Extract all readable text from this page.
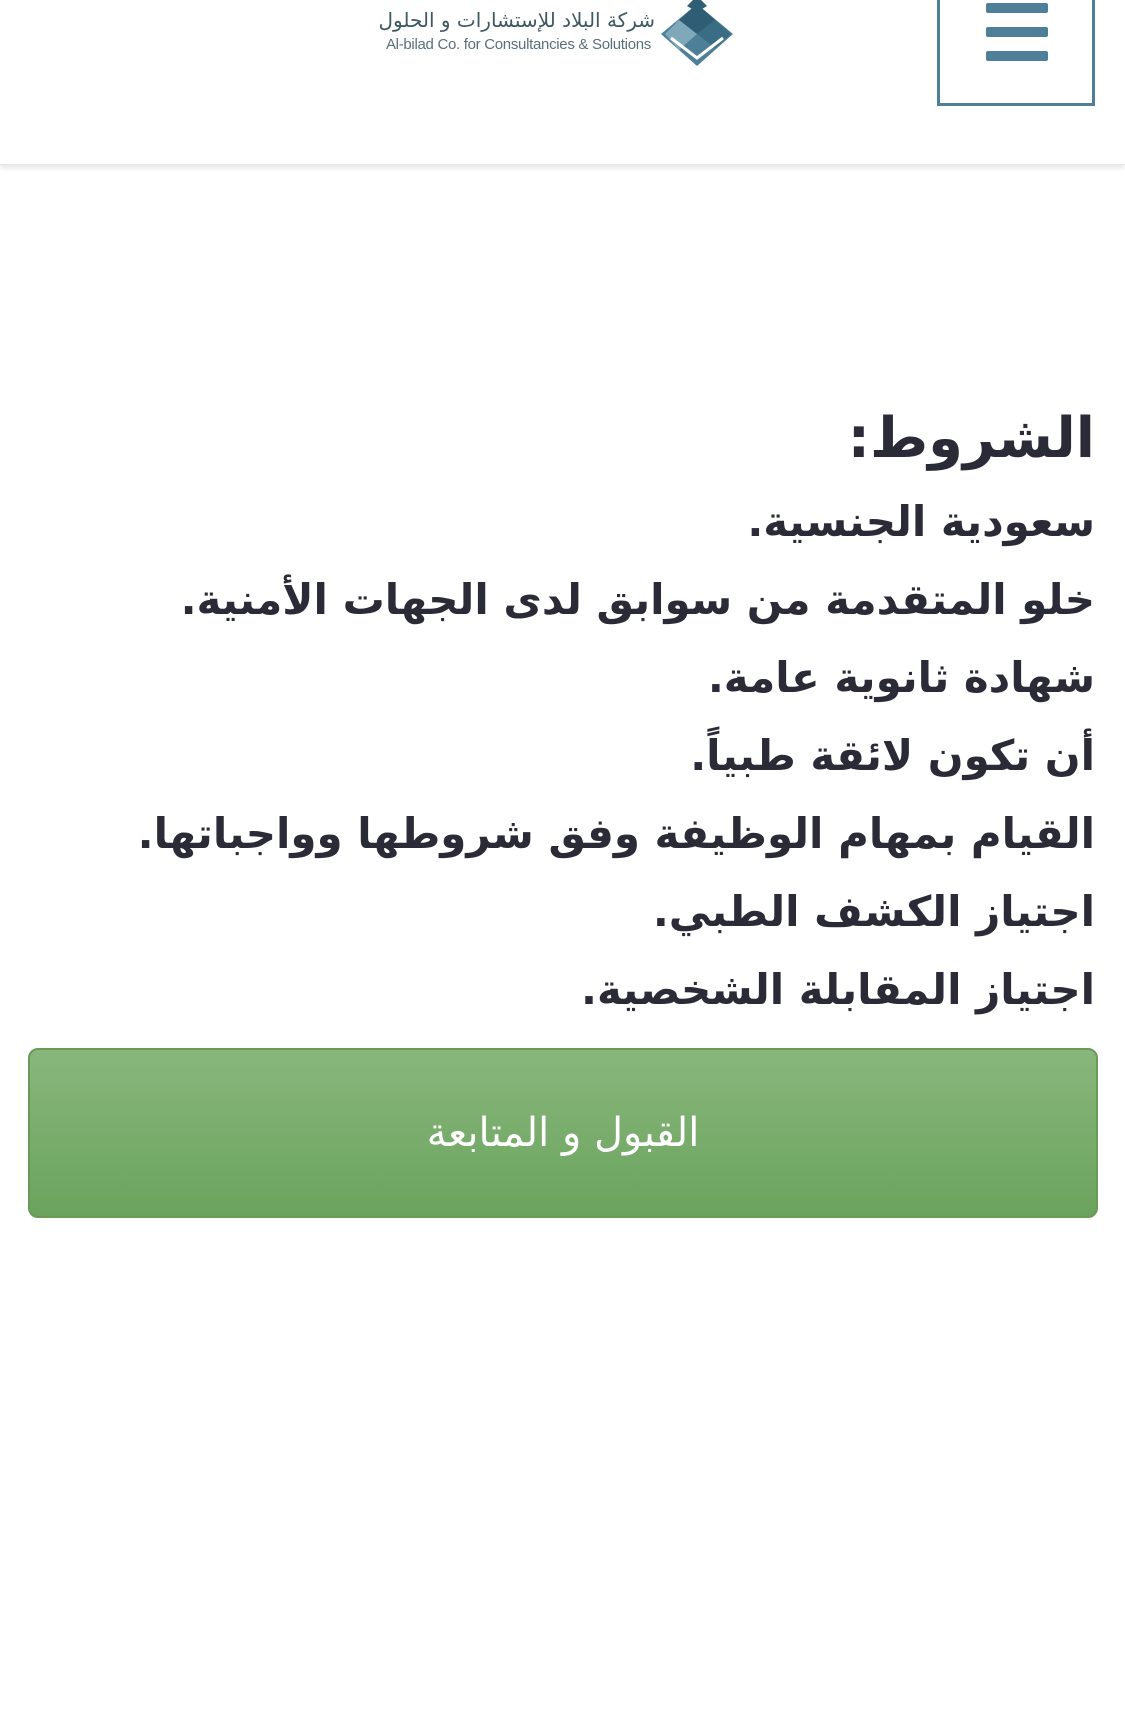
شركة البلاد للإستشارات و الحلول
Al-bilad Co. for Consultancies & Solutions
الشروط:
سعودية الجنسية.
خلو المتقدمة من سوابق لدى الجهات الأمنية.
شهادة ثانوية عامة.
أن تكون لائقة طبياً.
القيام بمهام الوظيفة وفق شروطها وواجباتها.
اجتياز الكشف الطبي.
اجتياز المقابلة الشخصية.
القبول و المتابعة
